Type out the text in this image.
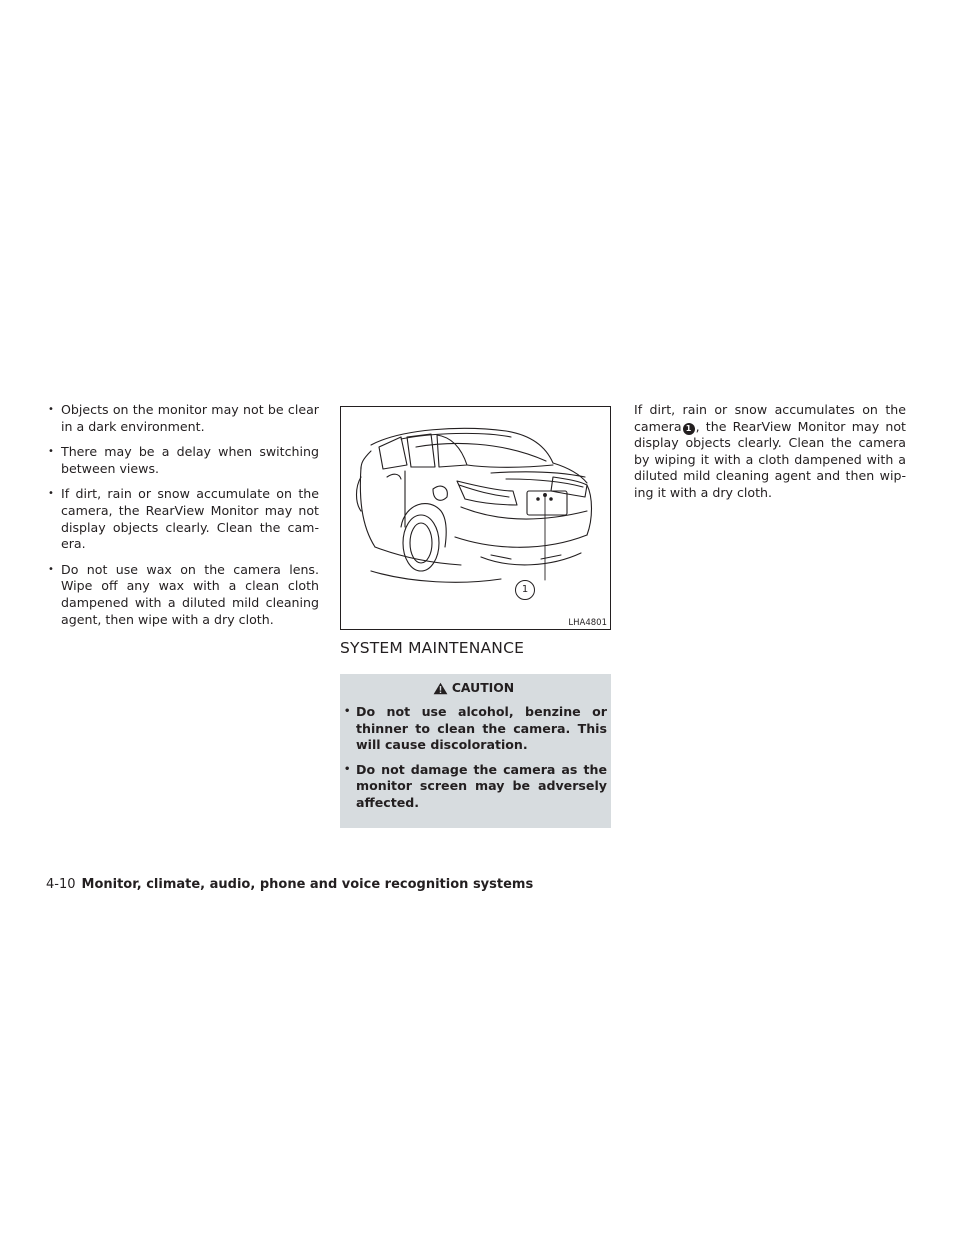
• Objects on the monitor may not be clear in a dark environment.
• There may be a delay when switching between views.
• If dirt, rain or snow accumulate on the camera, the RearView Monitor may not display objects clearly. Clean the cam- era.
• Do not use wax on the camera lens. Wipe off any wax with a clean cloth dampened with a diluted mild cleaning agent, then wipe with a dry cloth.
1
LHA4801
SYSTEM MAINTENANCE
CAUTION
• Do not use alcohol, benzine or thinner to clean the camera. This will cause discoloration.
• Do not damage the camera as the monitor screen may be adversely affected.

If dirt, rain or snow accumulates on the camera 1 , the RearView Monitor may not display objects clearly. Clean the camera by wiping it with a cloth dampened with a diluted mild cleaning agent and then wip- ing it with a dry cloth.

4-10 Monitor, climate, audio, phone and voice recognition systems
